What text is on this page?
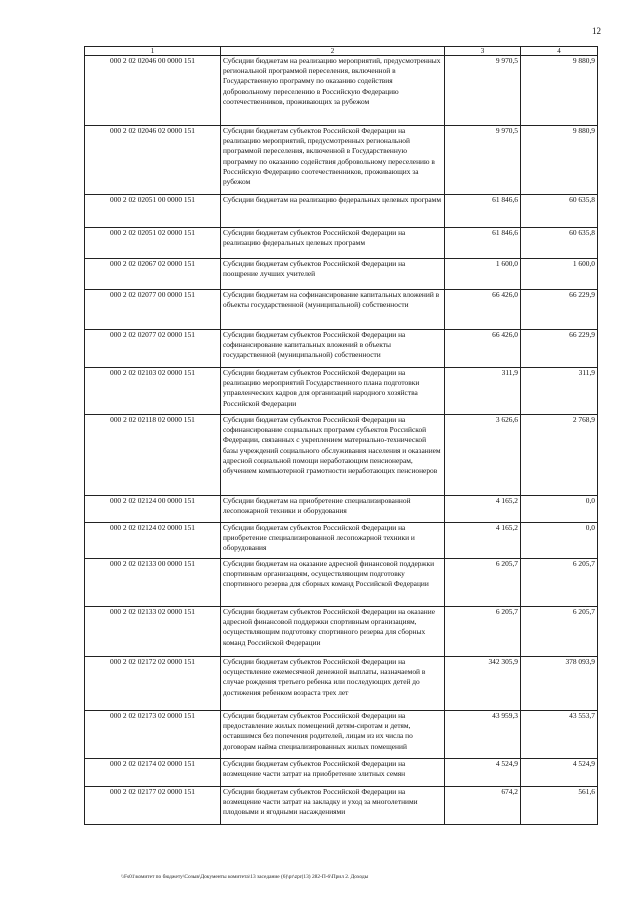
12
1	2	3	4
000 2 02 02046 00 0000 151	Субсидии бюджетам на реализацию мероприятий, предусмотренных региональной программой переселения, включенной в Государственную программу по оказанию содействия добровольному переселению в Российскую Федерацию соотечественников, проживающих за рубежом	9 970,5	9 880,9
000 2 02 02046 02 0000 151	Субсидии бюджетам субъектов Российской Федерации на реализацию мероприятий, предусмотренных региональной программой переселения, включенной в Государственную программу по оказанию содействия добровольному переселению в Российскую Федерацию соотечественников, проживающих за рубежом	9 970,5	9 880,9
000 2 02 02051 00 0000 151	Субсидии бюджетам на реализацию федеральных целевых программ	61 846,6	60 635,8
000 2 02 02051 02 0000 151	Субсидии бюджетам субъектов Российской Федерации на реализацию федеральных целевых программ	61 846,6	60 635,8
000 2 02 02067 02 0000 151	Субсидии бюджетам субъектов Российской Федерации на поощрение лучших учителей	1 600,0	1 600,0
000 2 02 02077 00 0000 151	Субсидии бюджетам на софинансирование капитальных вложений в объекты государственной (муниципальной) собственности	66 426,0	66 229,9
000 2 02 02077 02 0000 151	Субсидии бюджетам субъектов Российской Федерации на софинансирование капитальных вложений в объекты государственной (муниципальной) собственности	66 426,0	66 229,9
000 2 02 02103 02 0000 151	Субсидии бюджетам субъектов Российской Федерации на реализацию мероприятий Государственного плана подготовки управленческих кадров для организаций народного хозяйства Российской Федерации	311,9	311,9
000 2 02 02118 02 0000 151	Субсидии бюджетам субъектов Российской Федерации на софинансирование социальных программ субъектов Российской Федерации, связанных с укреплением материально-технической базы учреждений социального обслуживания населения и оказанием адресной социальной помощи неработающим пенсионерам, обучением компьютерной грамотности неработающих пенсионеров	3 626,6	2 768,9
000 2 02 02124 00 0000 151	Субсидии бюджетам на приобретение специализированной лесопожарной техники и оборудования	4 165,2	0,0
000 2 02 02124 02 0000 151	Субсидии бюджетам субъектов Российской Федерации на приобретение специализированной лесопожарной техники и оборудования	4 165,2	0,0
000 2 02 02133 00 0000 151	Субсидии бюджетам на оказание адресной финансовой поддержки спортивным организациям, осуществляющим подготовку спортивного резерва для сборных команд Российской Федерации	6 205,7	6 205,7
000 2 02 02133 02 0000 151	Субсидии бюджетам субъектов Российской Федерации на оказание адресной финансовой поддержки спортивным организациям, осуществляющим подготовку спортивного резерва для сборных команд Российской Федерации	6 205,7	6 205,7
000 2 02 02172 02 0000 151	Субсидии бюджетам субъектов Российской Федерации на осуществление ежемесячной денежной выплаты, назначаемой в случае рождения третьего ребенка или последующих детей до достижения ребенком возраста трех лет	342 305,9	378 093,9
000 2 02 02173 02 0000 151	Субсидии бюджетам субъектов Российской Федерации на предоставление жилых помещений детям-сиротам и детям, оставшимся без попечения родителей, лицам из их числа по договорам найма специализированных жилых помещений	43 959,3	43 553,7
000 2 02 02174 02 0000 151	Субсидии бюджетам субъектов Российской Федерации на возмещение части затрат на приобретение элитных семян	4 524,9	4 524,9
000 2 02 02177 02 0000 151	Субсидии бюджетам субъектов Российской Федерации на возмещение части затрат на закладку и уход за многолетними плодовыми и ягодными насаждениями	674,2	561,6
\\Fs01\комитет по бюджету\Созыв\Документы комитета\13 заседание (6)\pr\zpr(13) 282-П-6\Прил 2. Доходы
